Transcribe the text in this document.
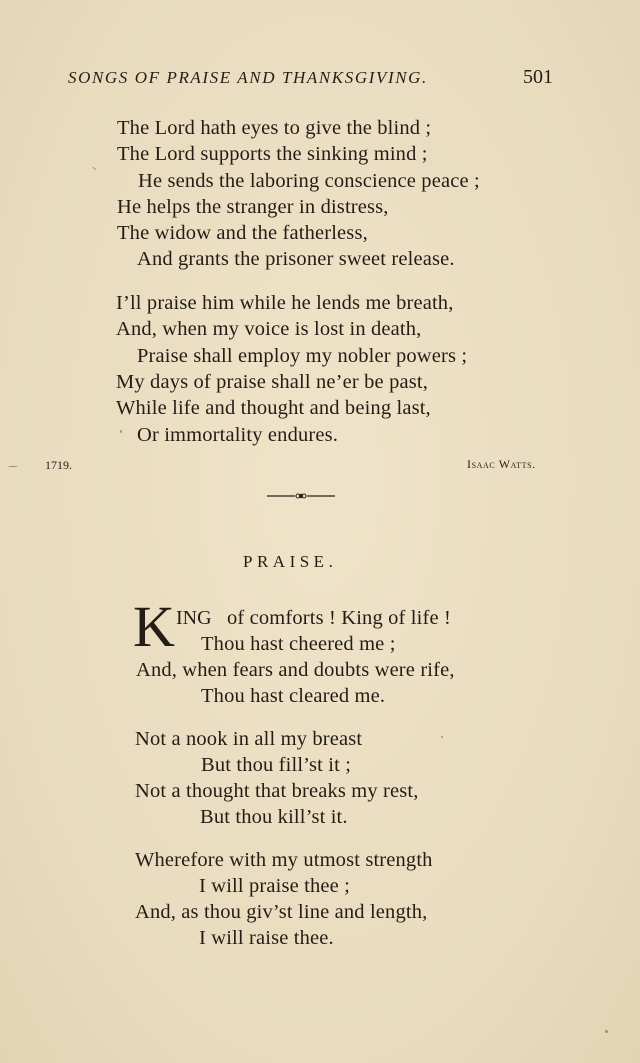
SONGS OF PRAISE AND THANKSGIVING.	501
The Lord hath eyes to give the blind ;
The Lord supports the sinking mind ;
He sends the laboring conscience peace ;
He helps the stranger in distress,
The widow and the fatherless,
And grants the prisoner sweet release.
I’ll praise him while he lends me breath,
And, when my voice is lost in death,
Praise shall employ my nobler powers ;
My days of praise shall ne’er be past,
While life and thought and being last,
Or immortality endures.
1719.	Isaac Watts.
PRAISE.
K ING of comforts ! King of life !
Thou hast cheered me ;
And, when fears and doubts were rife,
Thou hast cleared me.
Not a nook in all my breast
But thou fill’st it ;
Not a thought that breaks my rest,
But thou kill’st it.
Wherefore with my utmost strength
I will praise thee ;
And, as thou giv’st line and length,
I will raise thee.
